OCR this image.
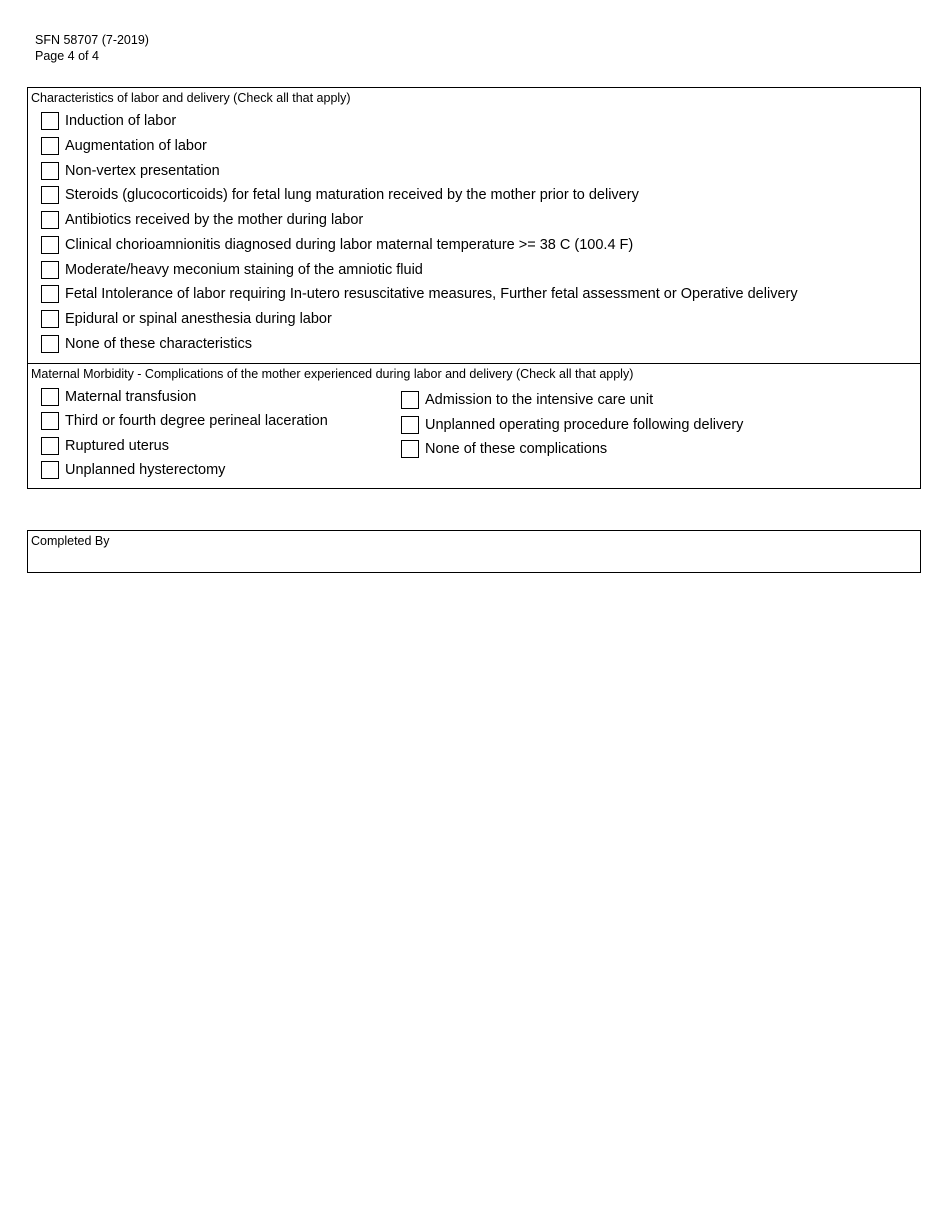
SFN 58707 (7-2019)
Page 4 of 4
Characteristics of labor and delivery (Check all that apply)
Induction of labor
Augmentation of labor
Non-vertex presentation
Steroids (glucocorticoids) for fetal lung maturation received by the mother prior to delivery
Antibiotics received by the mother during labor
Clinical chorioamnionitis diagnosed during labor maternal temperature >= 38 C (100.4 F)
Moderate/heavy meconium staining of the amniotic fluid
Fetal Intolerance of labor requiring In-utero resuscitative measures, Further fetal assessment or Operative delivery
Epidural or spinal anesthesia during labor
None of these characteristics
Maternal Morbidity - Complications of the mother experienced during labor and delivery (Check all that apply)
Maternal transfusion
Third or fourth degree perineal laceration
Ruptured uterus
Unplanned hysterectomy
Admission to the intensive care unit
Unplanned operating procedure following delivery
None of these complications
Completed By
